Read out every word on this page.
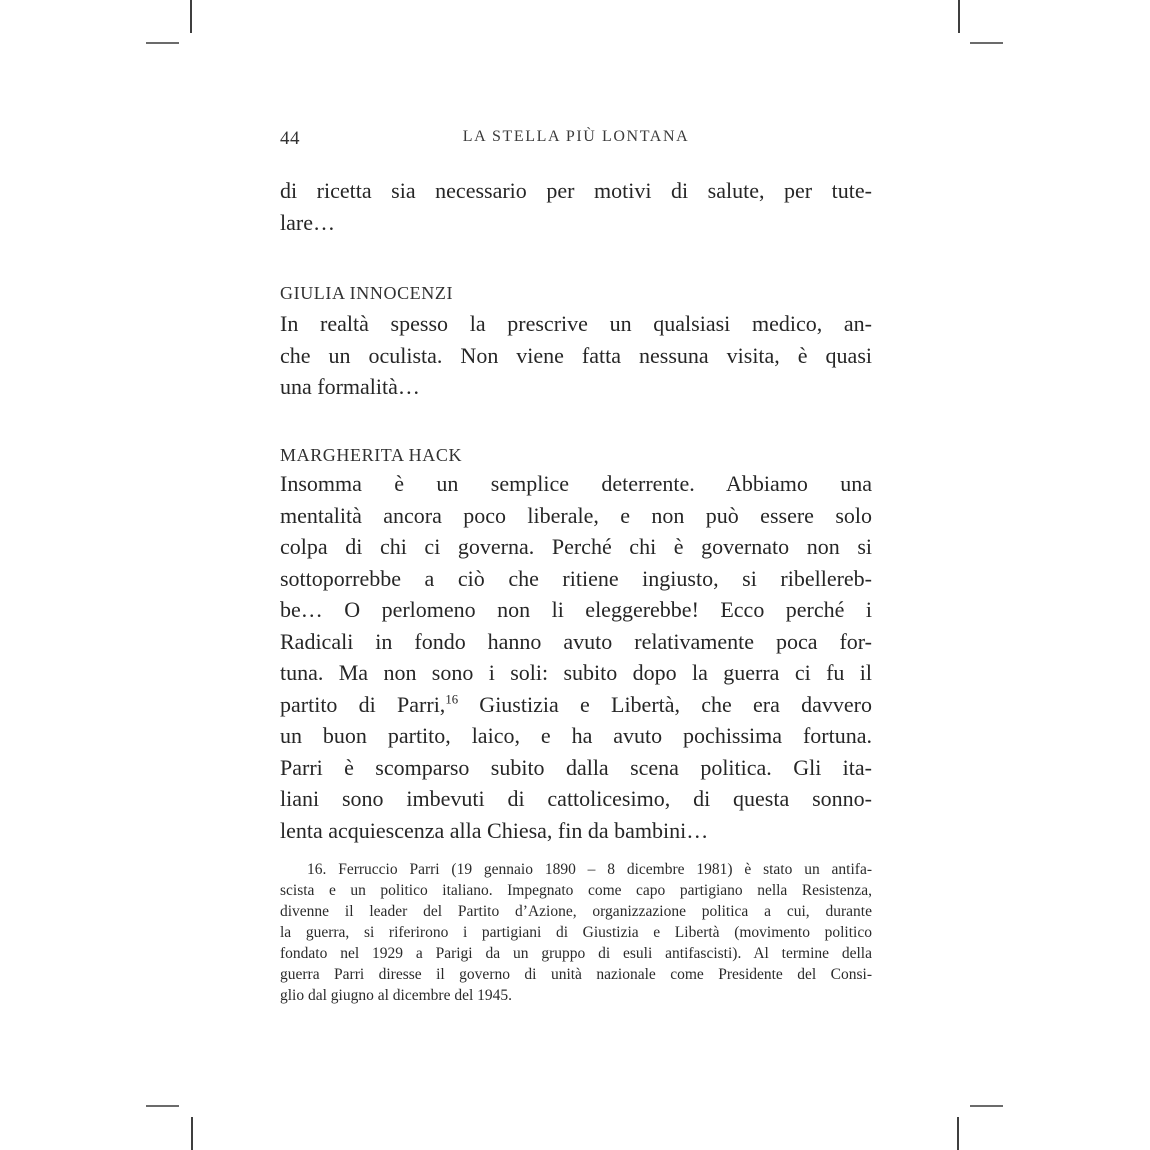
44	LA STELLA PIÙ LONTANA
di ricetta sia necessario per motivi di salute, per tute-
lare…
GIULIA INNOCENZI
In realtà spesso la prescrive un qualsiasi medico, an-
che un oculista. Non viene fatta nessuna visita, è quasi
una formalità…
MARGHERITA HACK
Insomma è un semplice deterrente. Abbiamo una
mentalità ancora poco liberale, e non può essere solo
colpa di chi ci governa. Perché chi è governato non si
sottoporrebbe a ciò che ritiene ingiusto, si ribellereb-
be… O perlomeno non li eleggerebbe! Ecco perché i
Radicali in fondo hanno avuto relativamente poca for-
tuna. Ma non sono i soli: subito dopo la guerra ci fu il
partito di Parri,$^{16}$ Giustizia e Libertà, che era davvero
un buon partito, laico, e ha avuto pochissima fortuna.
Parri è scomparso subito dalla scena politica. Gli ita-
liani sono imbevuti di cattolicesimo, di questa sonno-
lenta acquiescenza alla Chiesa, fin da bambini…
16. Ferruccio Parri (19 gennaio 1890 – 8 dicembre 1981) è stato un antifa-
scista e un politico italiano. Impegnato come capo partigiano nella Resistenza,
divenne il leader del Partito d’Azione, organizzazione politica a cui, durante
la guerra, si riferirono i partigiani di Giustizia e Libertà (movimento politico
fondato nel 1929 a Parigi da un gruppo di esuli antifascisti). Al termine della
guerra Parri diresse il governo di unità nazionale come Presidente del Consi-
glio dal giugno al dicembre del 1945.
